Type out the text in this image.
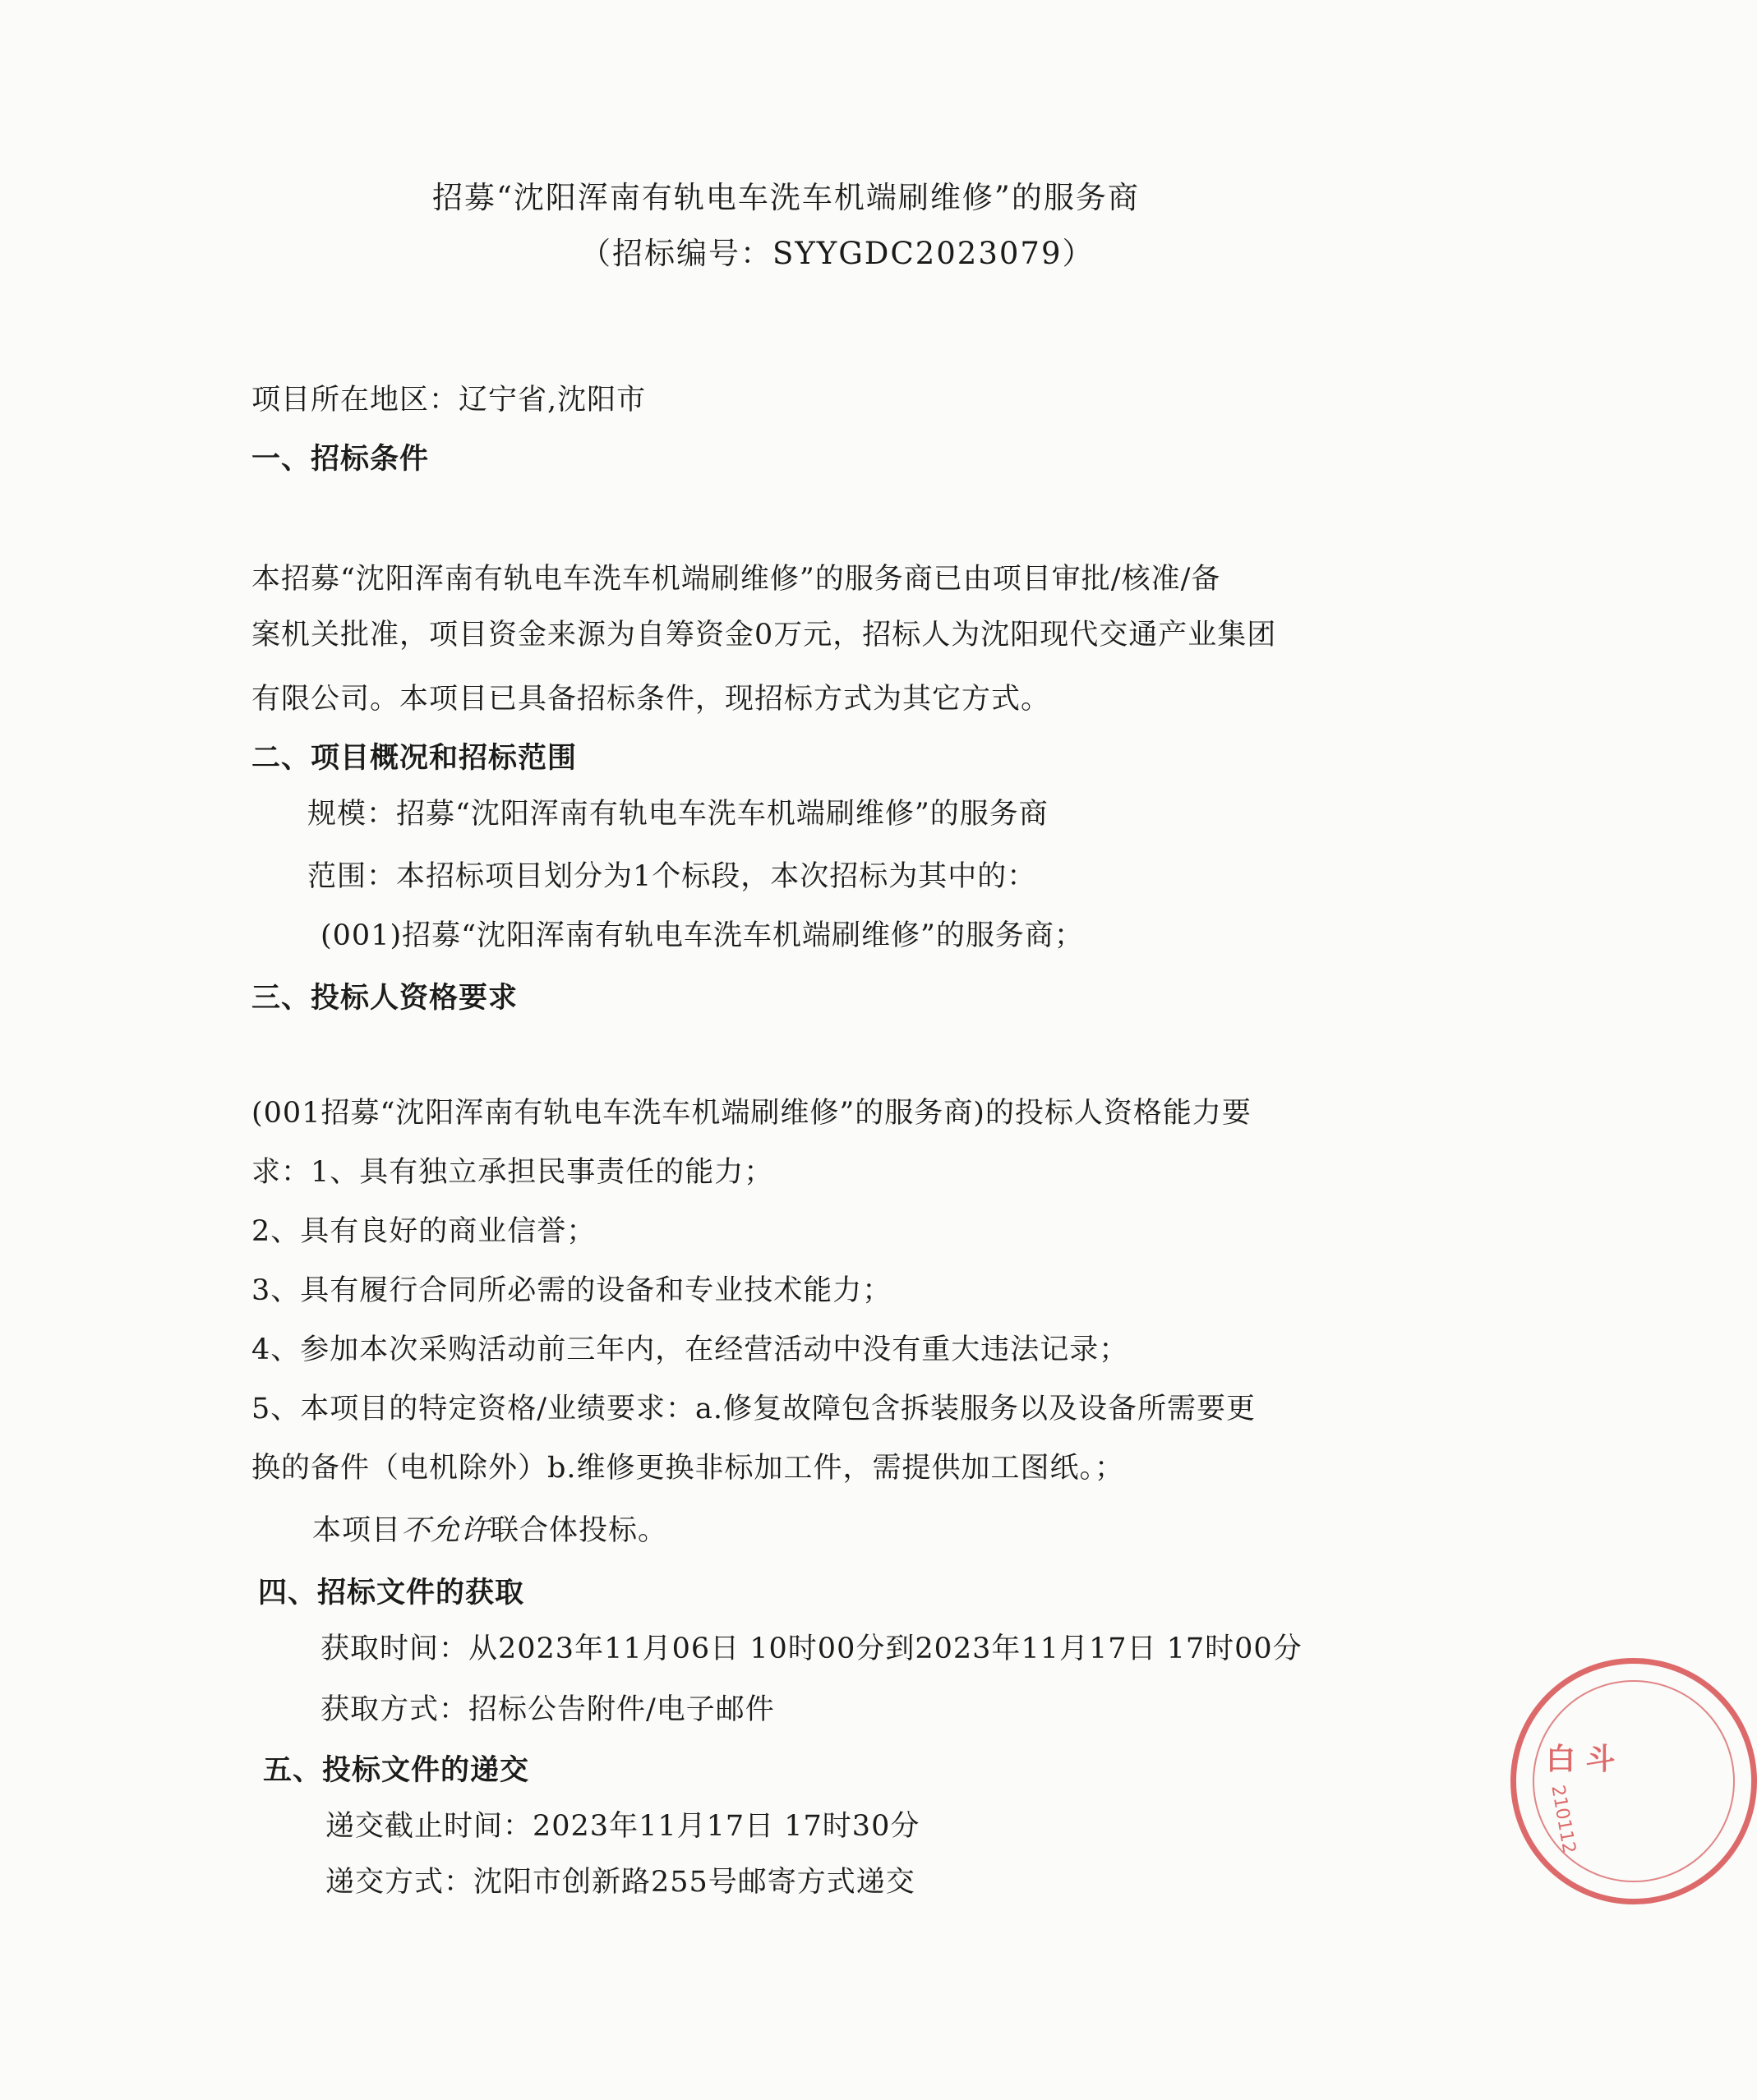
招募“沈阳浑南有轨电车洗车机端刷维修”的服务商
（招标编号：SYYGDC2023079）
项目所在地区：辽宁省,沈阳市
一、招标条件
本招募“沈阳浑南有轨电车洗车机端刷维修”的服务商已由项目审批/核准/备
案机关批准，项目资金来源为自筹资金0万元，招标人为沈阳现代交通产业集团
有限公司。本项目已具备招标条件，现招标方式为其它方式。
二、项目概况和招标范围
规模：招募“沈阳浑南有轨电车洗车机端刷维修”的服务商
范围：本招标项目划分为1个标段，本次招标为其中的：
(001)招募“沈阳浑南有轨电车洗车机端刷维修”的服务商；
三、投标人资格要求
(001招募“沈阳浑南有轨电车洗车机端刷维修”的服务商)的投标人资格能力要
求：1、具有独立承担民事责任的能力；
2、具有良好的商业信誉；
3、具有履行合同所必需的设备和专业技术能力；
4、参加本次采购活动前三年内，在经营活动中没有重大违法记录；
5、本项目的特定资格/业绩要求：a.修复故障包含拆装服务以及设备所需要更
换的备件（电机除外）b.维修更换非标加工件，需提供加工图纸。；
本项目不允许联合体投标。
四、招标文件的获取
获取时间：从2023年11月06日 10时00分到2023年11月17日 17时00分
获取方式：招标公告附件/电子邮件
五、投标文件的递交
递交截止时间：2023年11月17日 17时30分
递交方式：沈阳市创新路255号邮寄方式递交
白 斗
210112
